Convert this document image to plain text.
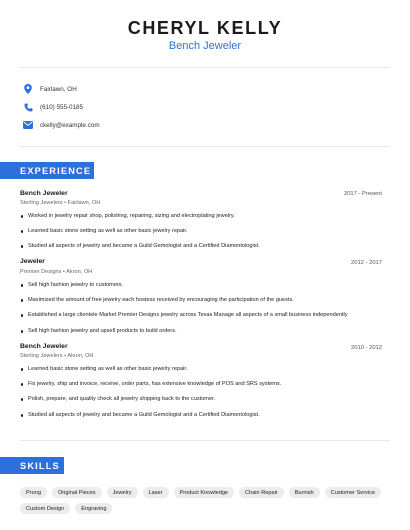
CHERYL KELLY
Bench Jeweler
Fairlawn, OH
(610) 555-0185
ckelly@example.com
EXPERIENCE
Bench Jeweler	2017 - Present
Sterling Jewelers • Fairlawn, OH
Worked in jewelry repair shop, polishing, repairing, sizing and electroplating jewelry.
Learned basic stone setting as well as other basic jewelry repair.
Studied all aspects of jewelry and became a Guild Gemologist and a Certified Diamontologist.
Jeweler	2012 - 2017
Premier Designs • Akron, OH
Sell high fashion jewelry to customers.
Maximized the amount of free jewelry each hostess received by encouraging the participation of the guests.
Established a large clientele Market Premier Designs jewelry across Texas Manage all aspects of a small business independently
Sell high fashion jewelry and upsell products to build orders.
Bench Jeweler	2010 - 2012
Sterling Jewelers • Akron, OH
Learned basic stone setting as well as other basic jewelry repair.
Fix jewelry, ship and invoice, receive, order parts, has extensive knowledge of POS and SRS systems.
Polish, prepare, and quality check all jewelry shipping back to the customer.
Studied all aspects of jewelry and became a Guild Gemologist and a Certified Diamontologist.
SKILLS
Prong	Original Pieces	Jewelry	Laser	Product Knowledge	Chain Repair	Burnish	Customer Service
Custom Design	Engraving
